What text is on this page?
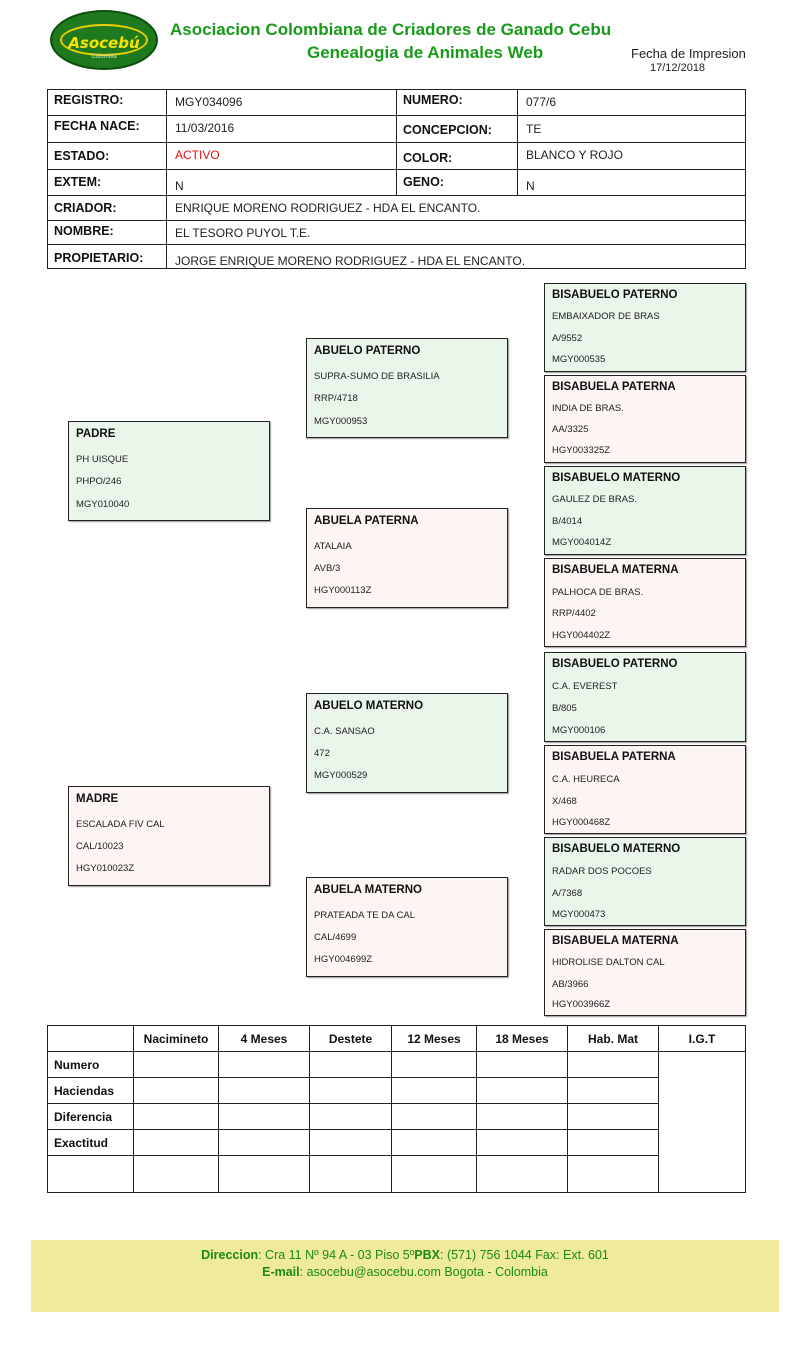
Asocebú
Colombia
Asociacion Colombiana de Criadores de Ganado Cebu
Genealogia de Animales Web	Fecha de Impresion
17/12/2018
REGISTRO:	MGY034096	NUMERO:	077/6
FECHA NACE:	11/03/2016	CONCEPCION:	TE
ESTADO:	ACTIVO	COLOR:	BLANCO Y ROJO
EXTEM:	N	GENO:	N
CRIADOR:	ENRIQUE MORENO RODRIGUEZ - HDA EL ENCANTO.
NOMBRE:	EL TESORO PUYOL T.E.
PROPIETARIO:	JORGE ENRIQUE MORENO RODRIGUEZ - HDA EL ENCANTO.
PADRE
PH UISQUE
PHPO/246
MGY010040
MADRE
ESCALADA FIV CAL
CAL/10023
HGY010023Z
ABUELO PATERNO
SUPRA-SUMO DE BRASILIA
RRP/4718
MGY000953
ABUELA PATERNA
ATALAIA
AVB/3
HGY000113Z
ABUELO MATERNO
C.A. SANSAO
472
MGY000529
ABUELA MATERNO
PRATEADA TE DA CAL
CAL/4699
HGY004699Z
BISABUELO PATERNO
EMBAIXADOR DE BRAS
A/9552
MGY000535
BISABUELA PATERNA
INDIA DE BRAS.
AA/3325
HGY003325Z
BISABUELO MATERNO
GAULEZ DE BRAS.
B/4014
MGY004014Z
BISABUELA MATERNA
PALHOCA DE BRAS.
RRP/4402
HGY004402Z
BISABUELO PATERNO
C.A. EVEREST
B/805
MGY000106
BISABUELA PATERNA
C.A. HEURECA
X/468
HGY000468Z
BISABUELO MATERNO
RADAR DOS POCOES
A/7368
MGY000473
BISABUELA MATERNA
HIDROLISE DALTON CAL
AB/3966
HGY003966Z
	Nacimineto	4 Meses	Destete	12 Meses	18 Meses	Hab. Mat	I.G.T
Numero							
Haciendas							
Diferencia							
Exactitud							

Direccion: Cra 11 Nº 94 A - 03 Piso 5ºPBX: (571) 756 1044 Fax: Ext. 601
E-mail: asocebu@asocebu.com Bogota - Colombia
